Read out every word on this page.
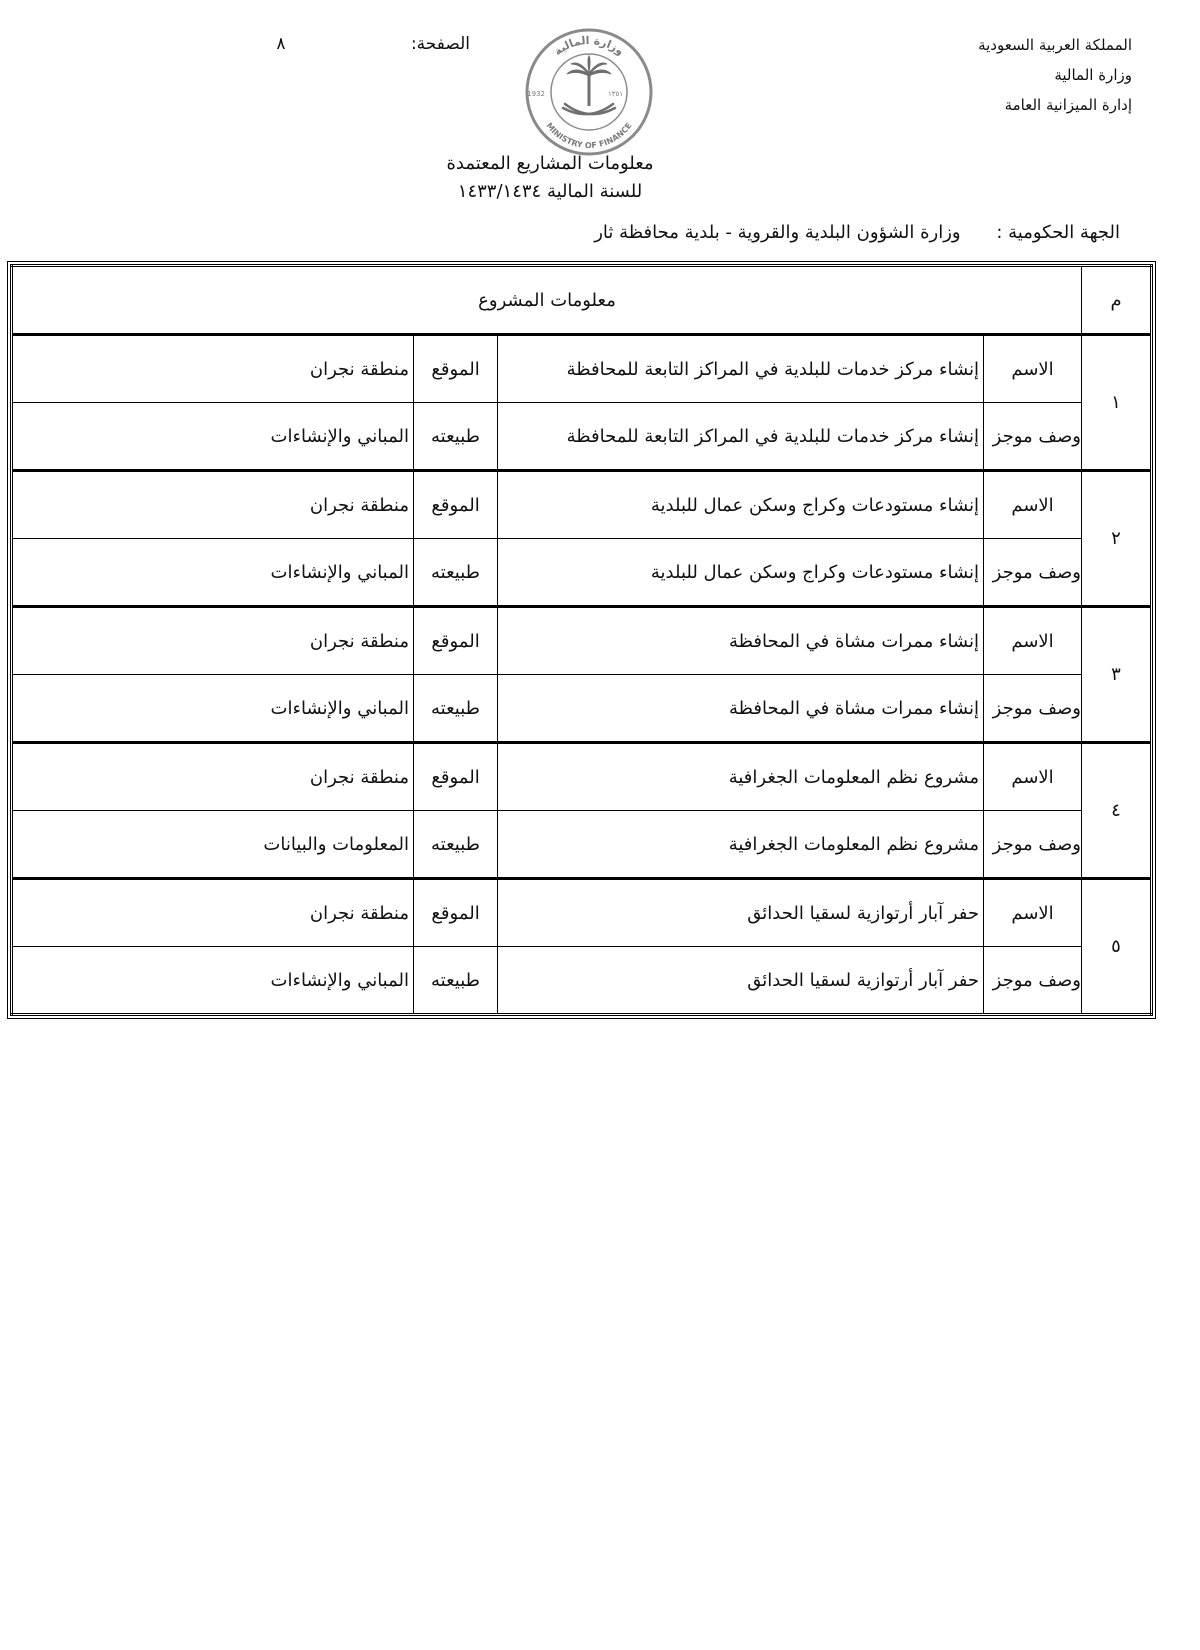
المملكة العربية السعودية
وزارة المالية
إدارة الميزانية العامة
الصفحة: ٨	وزارة المالية
MINISTRY OF FINANCE
1932	١٣٥١
معلومات المشاريع المعتمدة
للسنة المالية ١٤٣٣/١٤٣٤
الجهة الحكومية : وزارة الشؤون البلدية والقروية - بلدية محافظة ثار
م	معلومات المشروع			
١	الاسم	إنشاء مركز خدمات للبلدية في المراكز التابعة للمحافظة	الموقع	منطقة نجران
	وصف موجز	إنشاء مركز خدمات للبلدية في المراكز التابعة للمحافظة	طبيعته	المباني والإنشاءات
٢	الاسم	إنشاء مستودعات وكراج وسكن عمال للبلدية	الموقع	منطقة نجران
	وصف موجز	إنشاء مستودعات وكراج وسكن عمال للبلدية	طبيعته	المباني والإنشاءات
٣	الاسم	إنشاء ممرات مشاة في المحافظة	الموقع	منطقة نجران
	وصف موجز	إنشاء ممرات مشاة في المحافظة	طبيعته	المباني والإنشاءات
٤	الاسم	مشروع نظم المعلومات الجغرافية	الموقع	منطقة نجران
	وصف موجز	مشروع نظم المعلومات الجغرافية	طبيعته	المعلومات والبيانات
٥	الاسم	حفر آبار أرتوازية لسقيا الحدائق	الموقع	منطقة نجران
	وصف موجز	حفر آبار أرتوازية لسقيا الحدائق	طبيعته	المباني والإنشاءات
